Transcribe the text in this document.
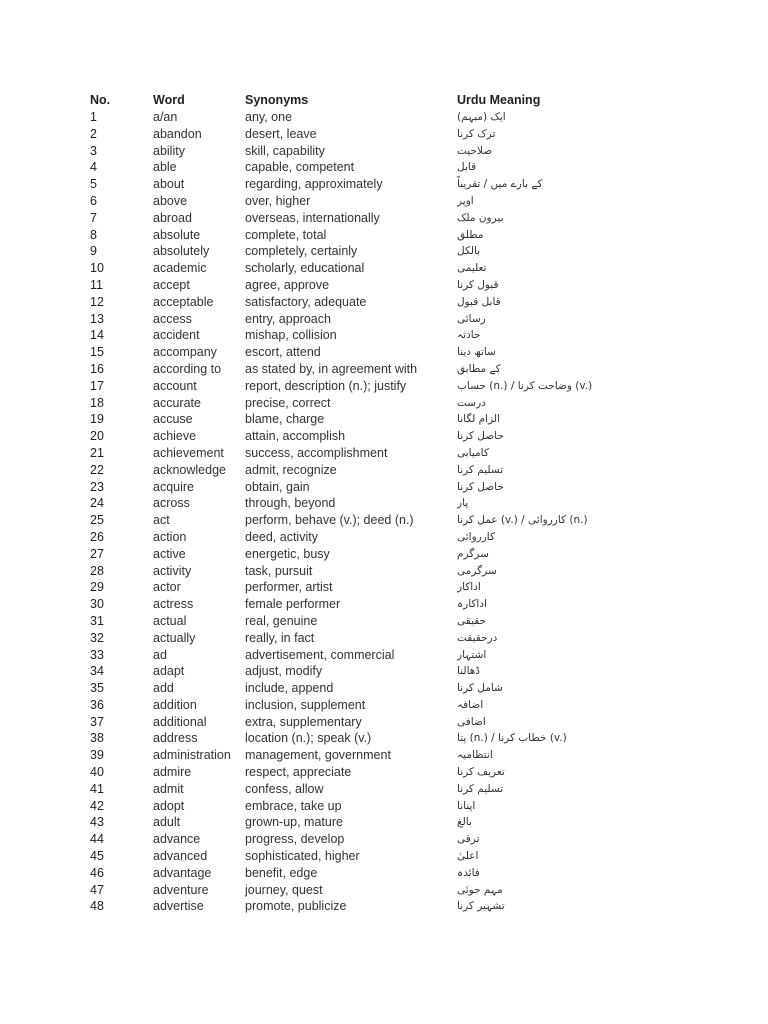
No.	Word	Synonyms	Urdu Meaning
1	a/an	any, one	ایک (مبہم)
2	abandon	desert, leave	ترک کرنا
3	ability	skill, capability	صلاحیت
4	able	capable, competent	قابل
5	about	regarding, approximately	کے بارے میں / تقریباً
6	above	over, higher	اوپر
7	abroad	overseas, internationally	بیرون ملک
8	absolute	complete, total	مطلق
9	absolutely	completely, certainly	بالکل
10	academic	scholarly, educational	تعلیمی
11	accept	agree, approve	قبول کرنا
12	acceptable	satisfactory, adequate	قابل قبول
13	access	entry, approach	رسائی
14	accident	mishap, collision	حادثہ
15	accompany	escort, attend	ساتھ دینا
16	according to	as stated by, in agreement with	کے مطابق
17	account	report, description (n.); justify	حساب (n.) / وضاحت کرنا (v.)
18	accurate	precise, correct	درست
19	accuse	blame, charge	الزام لگانا
20	achieve	attain, accomplish	حاصل کرنا
21	achievement	success, accomplishment	کامیابی
22	acknowledge	admit, recognize	تسلیم کرنا
23	acquire	obtain, gain	حاصل کرنا
24	across	through, beyond	پار
25	act	perform, behave (v.); deed (n.)	عمل کرنا (v.) / کارروائی (n.)
26	action	deed, activity	کارروائی
27	active	energetic, busy	سرگرم
28	activity	task, pursuit	سرگرمی
29	actor	performer, artist	اداکار
30	actress	female performer	اداکارہ
31	actual	real, genuine	حقیقی
32	actually	really, in fact	درحقیقت
33	ad	advertisement, commercial	اشتہار
34	adapt	adjust, modify	ڈھالنا
35	add	include, append	شامل کرنا
36	addition	inclusion, supplement	اضافہ
37	additional	extra, supplementary	اضافی
38	address	location (n.); speak (v.)	پتا (n.) / خطاب کرنا (v.)
39	administration	management, government	انتظامیہ
40	admire	respect, appreciate	تعریف کرنا
41	admit	confess, allow	تسلیم کرنا
42	adopt	embrace, take up	اپنانا
43	adult	grown-up, mature	بالغ
44	advance	progress, develop	ترقی
45	advanced	sophisticated, higher	اعلیٰ
46	advantage	benefit, edge	فائدہ
47	adventure	journey, quest	مہم جوئی
48	advertise	promote, publicize	تشہیر کرنا
